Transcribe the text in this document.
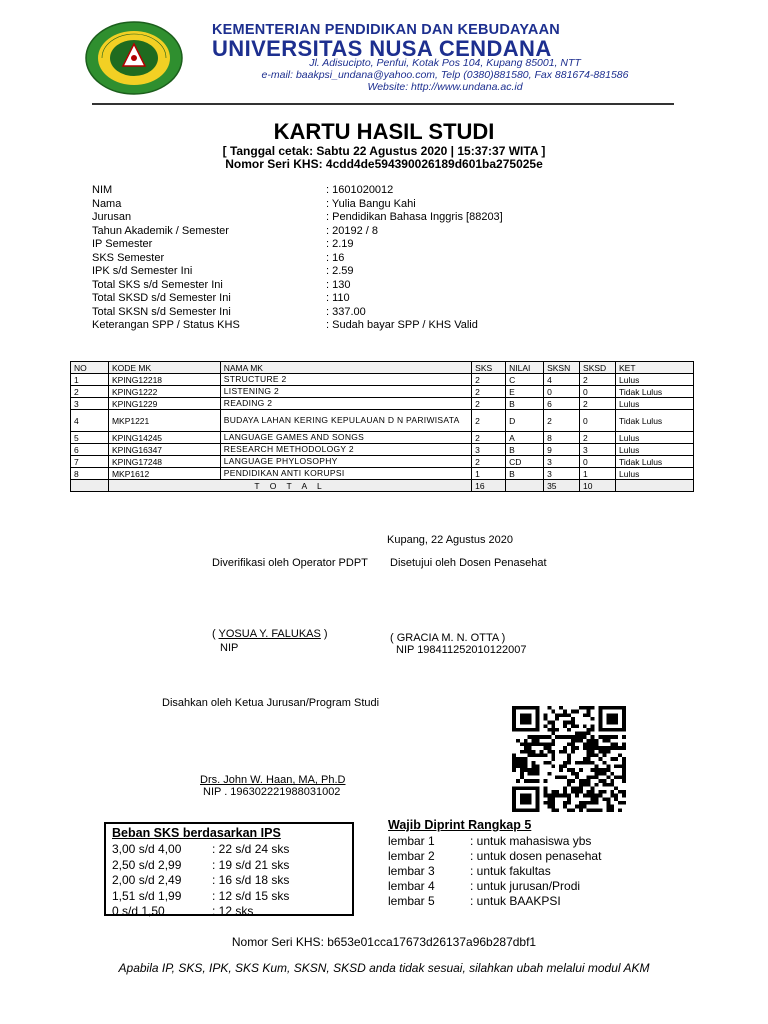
KEMENTERIAN PENDIDIKAN DAN KEBUDAYAAN
UNIVERSITAS NUSA CENDANA
Jl. Adisucipto, Penfui, Kotak Pos 104, Kupang 85001, NTT
e-mail: baakpsi_undana@yahoo.com, Telp (0380)881580, Fax 881674-881586
Website: http://www.undana.ac.id
KARTU HASIL STUDI
[ Tanggal cetak: Sabtu 22 Agustus 2020 | 15:37:37 WITA ]
Nomor Seri KHS: 4cdd4de594390026189d601ba275025e
NIM	: 1601020012
Nama	: Yulia Bangu Kahi
Jurusan	: Pendidikan Bahasa Inggris [88203]
Tahun Akademik / Semester	: 20192 / 8
IP Semester	: 2.19
SKS Semester	: 16
IPK s/d Semester Ini	: 2.59
Total SKS s/d Semester Ini	: 130
Total SKSD s/d Semester Ini	: 110
Total SKSN s/d Semester Ini	: 337.00
Keterangan SPP / Status KHS	: Sudah bayar SPP / KHS Valid
NO	KODE MK	NAMA MK	SKS	NILAI	SKSN	SKSD	KET
1	KPING12218	STRUCTURE 2	2	C	4	2	Lulus
2	KPING1222	LISTENING 2	2	E	0	0	Tidak Lulus
3	KPING1229	READING 2	2	B	6	2	Lulus
4	MKP1221	BUDAYA LAHAN KERING KEPULAUAN D N PARIWISATA	2	D	2	0	Tidak Lulus
5	KPING14245	LANGUAGE GAMES AND SONGS	2	A	8	2	Lulus
6	KPING16347	RESEARCH METHODOLOGY 2	3	B	9	3	Lulus
7	KPING17248	LANGUAGE PHYLOSOPHY	2	CD	3	0	Tidak Lulus
8	MKP1612	PENDIDIKAN ANTI KORUPSI	1	B	3	1	Lulus
	T O T A L		16		35	10	
Kupang, 22 Agustus 2020
Diverifikasi oleh Operator PDPT Disetujui oleh Dosen Penasehat
( YOSUA Y. FALUKAS )
NIP
( GRACIA M. N. OTTA )
NIP 198411252010122007
Disahkan oleh Ketua Jurusan/Program Studi
Drs. John W. Haan, MA, Ph.D
NIP . 196302221988031002
Beban SKS berdasarkan IPS
3,00 s/d 4,00	: 22 s/d 24 sks
2,50 s/d 2,99	: 19 s/d 21 sks
2,00 s/d 2,49	: 16 s/d 18 sks
1,51 s/d 1,99	: 12 s/d 15 sks
0 s/d 1,50	: 12 sks
Wajib Diprint Rangkap 5
lembar 1	: untuk mahasiswa ybs
lembar 2	: untuk dosen penasehat
lembar 3	: untuk fakultas
lembar 4	: untuk jurusan/Prodi
lembar 5	: untuk BAAKPSI
Nomor Seri KHS: b653e01cca17673d26137a96b287dbf1
Apabila IP, SKS, IPK, SKS Kum, SKSN, SKSD anda tidak sesuai, silahkan ubah melalui modul AKM
